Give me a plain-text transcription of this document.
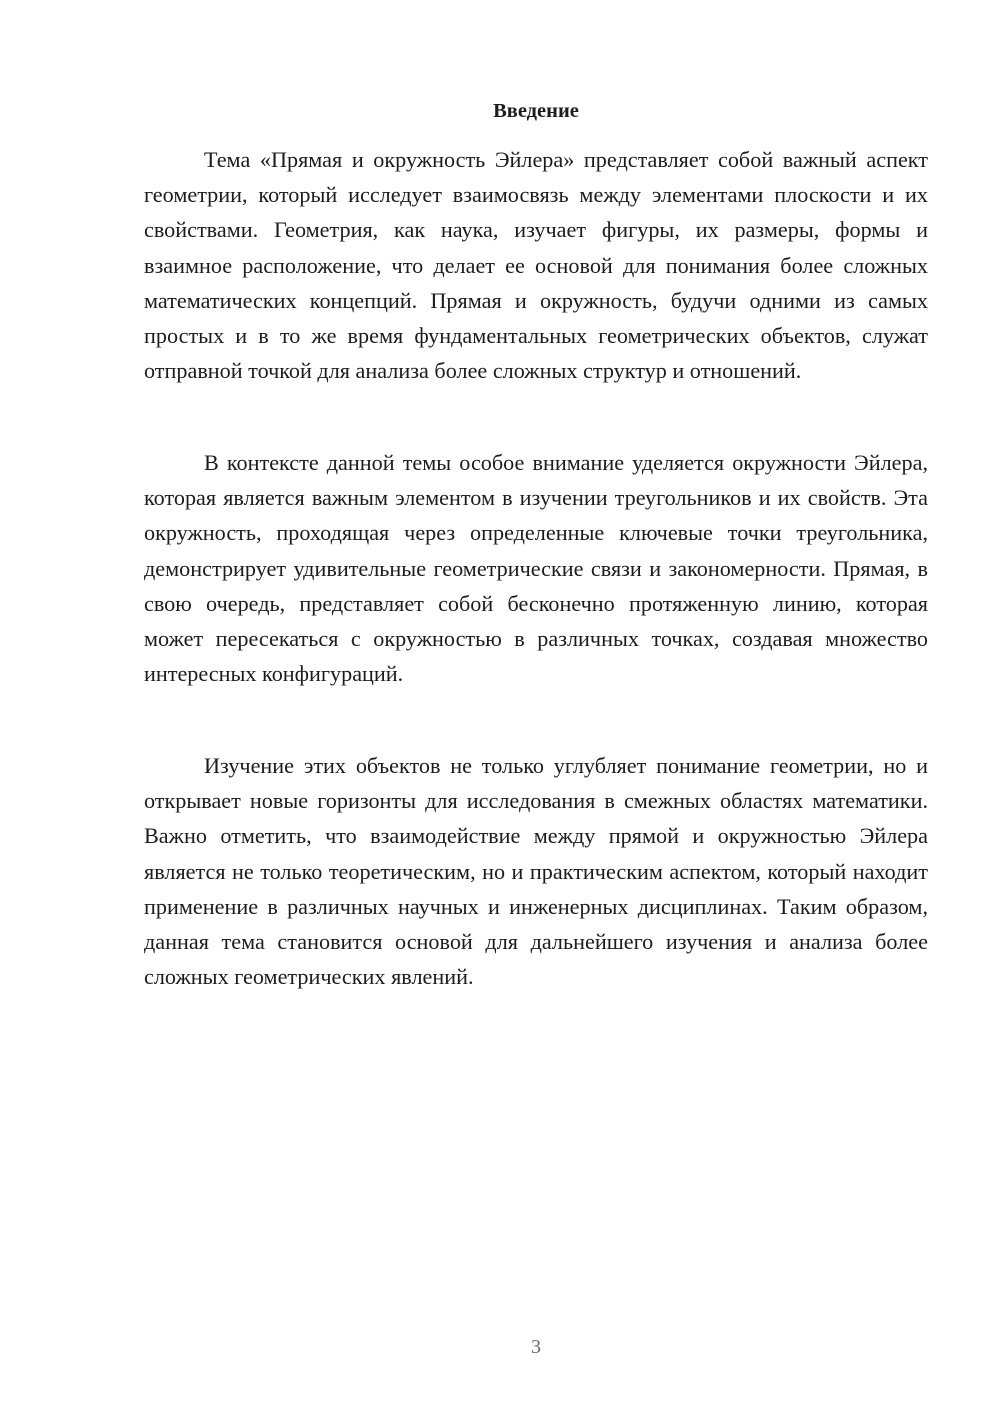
Введение

Тема «Прямая и окружность Эйлера» представляет собой важный аспект геометрии, который исследует взаимосвязь между элементами плоскости и их свойствами. Геометрия, как наука, изучает фигуры, их размеры, формы и взаимное расположение, что делает ее основой для понимания более сложных математических концепций. Прямая и окружность, будучи одними из самых простых и в то же время фундаментальных геометрических объектов, служат отправной точкой для анализа более сложных структур и отношений.

В контексте данной темы особое внимание уделяется окружности Эйлера, которая является важным элементом в изучении треугольников и их свойств. Эта окружность, проходящая через определенные ключевые точки треугольника, демонстрирует удивительные геометрические связи и закономерности. Прямая, в свою очередь, представляет собой бесконечно протяженную линию, которая может пересекаться с окружностью в различных точках, создавая множество интересных конфигураций.

Изучение этих объектов не только углубляет понимание геометрии, но и открывает новые горизонты для исследования в смежных областях математики. Важно отметить, что взаимодействие между прямой и окружностью Эйлера является не только теоретическим, но и практическим аспектом, который находит применение в различных научных и инженерных дисциплинах. Таким образом, данная тема становится основой для дальнейшего изучения и анализа более сложных геометрических явлений.

3
